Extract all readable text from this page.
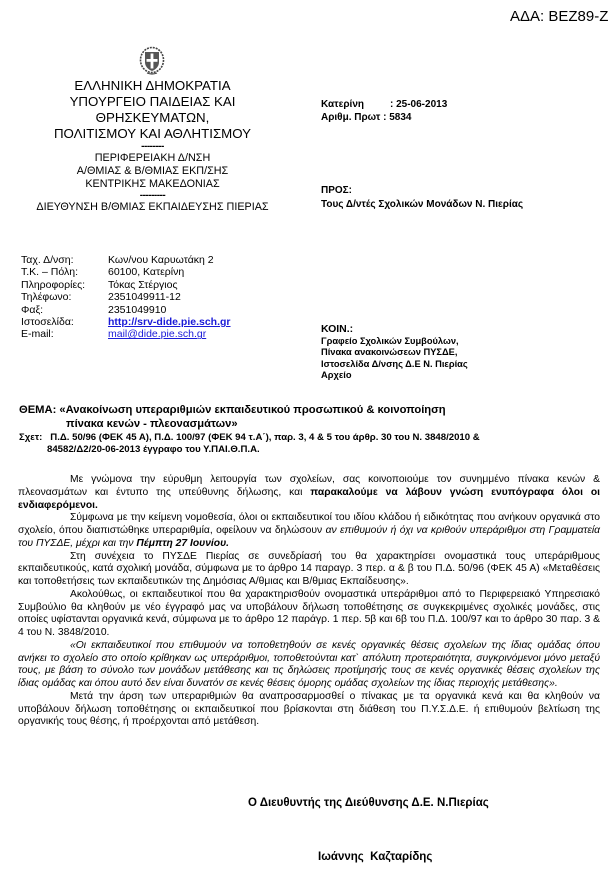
ΑΔΑ: ΒΕΖ89-Ζ
ΕΛΛΗΝΙΚΗ ΔΗΜΟΚΡΑΤΙΑ
ΥΠΟΥΡΓΕΙΟ ΠΑΙΔΕΙΑΣ ΚΑΙ
ΘΡΗΣΚΕΥΜΑΤΩΝ,
ΠΟΛΙΤΙΣΜΟΥ ΚΑΙ ΑΘΛΗΤΙΣΜΟΥ
--------
ΠΕΡΙΦΕΡΕΙΑΚΗ Δ/ΝΣΗ
Α/ΘΜΙΑΣ & Β/ΘΜΙΑΣ ΕΚΠ/ΣΗΣ
ΚΕΝΤΡΙΚΗΣ ΜΑΚΕΔΟΝΙΑΣ
---------
ΔΙΕΥΘΥΝΣΗ Β/ΘΜΙΑΣ ΕΚΠΑΙΔΕΥΣΗΣ ΠΙΕΡΙΑΣ
Κατερίνη	: 25-06-2013
Αριθμ. Πρωτ : 5834
ΠΡΟΣ:
Τους Δ/ντές Σχολικών Μονάδων Ν. Πιερίας
Ταχ. Δ/νση:	Κων/νου Καρυωτάκη 2
Τ.Κ. – Πόλη:	60100, Κατερίνη
Πληροφορίες:	Τόκας Στέργιος
Τηλέφωνο:	2351049911-12
Φαξ:	2351049910
Ιστοσελίδα:	http://srv-dide.pie.sch.gr
E-mail:	mail@dide.pie.sch.gr	ΚΟΙΝ.:
Γραφείο Σχολικών Συμβούλων,
Πίνακα ανακοινώσεων ΠΥΣΔΕ,
Ιστοσελίδα Δ/νσης Δ.Ε Ν. Πιερίας
Αρχείο
ΘΕΜΑ: «Ανακοίνωση υπεραριθμιών εκπαιδευτικού προσωπικού & κοινοποίηση
πίνακα κενών - πλεονασμάτων»
Σχετ:   Π.Δ. 50/96 (ΦΕΚ 45 Α), Π.Δ. 100/97 (ΦΕΚ 94 τ.Α΄), παρ. 3, 4 & 5 του άρθρ. 30 του Ν. 3848/2010 &
84582/Δ2/20-06-2013 έγγραφο του Υ.ΠΑΙ.Θ.Π.Α.

Με γνώμονα την εύρυθμη λειτουργία των σχολείων, σας κοινοποιούμε τον συνημμένο πίνακα κενών & πλεονασμάτων και έντυπο της υπεύθυνης δήλωσης, και παρακαλούμε να λάβουν γνώση ενυπόγραφα όλοι οι ενδιαφερόμενοι.

Σύμφωνα με την κείμενη νομοθεσία, όλοι οι εκπαιδευτικοί του ιδίου κλάδου ή ειδικότητας που ανήκουν οργανικά στο σχολείο, όπου διαπιστώθηκε υπεραριθμία, οφείλουν να δηλώσουν αν επιθυμούν ή όχι να κριθούν υπεράριθμοι στη Γραμματεία του ΠΥΣΔΕ, μέχρι και την Πέμπτη 27 Ιουνίου.

Στη συνέχεια το ΠΥΣΔΕ Πιερίας σε συνεδρίασή του θα χαρακτηρίσει ονομαστικά τους υπεράριθμους εκπαιδευτικούς, κατά σχολική μονάδα, σύμφωνα με το άρθρο 14 παραγρ. 3 περ. α & β του Π.Δ. 50/96 (ΦΕΚ 45 Α) «Μεταθέσεις και τοποθετήσεις των εκπαιδευτικών της Δημόσιας Α/θμιας και Β/θμιας Εκπαίδευσης».

Ακολούθως, οι εκπαιδευτικοί που θα χαρακτηρισθούν ονομαστικά υπεράριθμοι από το Περιφερειακό Υπηρεσιακό Συμβούλιο θα κληθούν με νέο έγγραφό μας να υποβάλουν δήλωση τοποθέτησης σε συγκεκριμένες σχολικές μονάδες, στις οποίες υφίστανται οργανικά κενά, σύμφωνα με το άρθρο 12 παράγρ. 1 περ. 5β και 6β του Π.Δ. 100/97 και το άρθρο 30 παρ. 3 & 4 του Ν. 3848/2010.

«Οι εκπαιδευτικοί που επιθυμούν να τοποθετηθούν σε κενές οργανικές θέσεις σχολείων της ίδιας ομάδας όπου ανήκει το σχολείο στο οποίο κρίθηκαν ως υπεράριθμοι, τοποθετούνται κατ` απόλυτη προτεραιότητα, συγκρινόμενοι μόνο μεταξύ τους, με βάση το σύνολο των μονάδων μετάθεσης και τις δηλώσεις προτίμησής τους σε κενές οργανικές θέσεις σχολείων της ίδιας ομάδας και όπου αυτό δεν είναι δυνατόν σε κενές θέσεις όμορης ομάδας σχολείων της ίδιας περιοχής μετάθεσης».

Μετά την άρση των υπεραριθμιών θα αναπροσαρμοσθεί ο πίνακας με τα οργανικά κενά και θα κληθούν να υποβάλουν δήλωση τοποθέτησης οι εκπαιδευτικοί που βρίσκονται στη διάθεση του Π.Υ.Σ.Δ.Ε. ή επιθυμούν βελτίωση της οργανικής τους θέσης, ή προέρχονται από μετάθεση.

Ο Διευθυντής της Διεύθυνσης Δ.Ε. Ν.Πιερίας
Ιωάννης  Καζταρίδης
